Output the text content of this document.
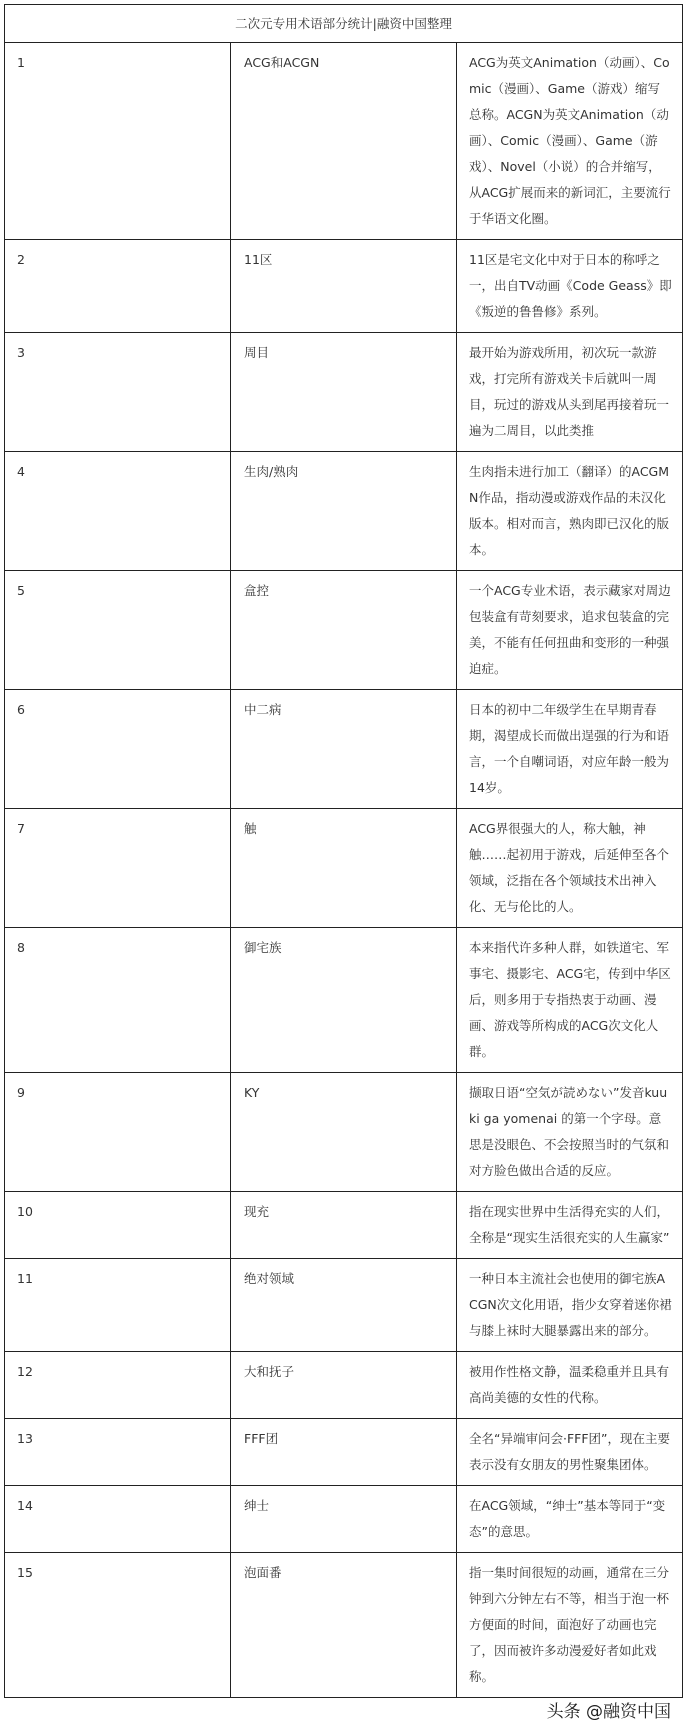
二次元专用术语部分统计|融资中国整理		
1	ACG和ACGN	ACG为英文Animation（动画）、Comic（漫画）、Game（游戏）缩写总称。ACGN为英文Animation（动画）、Comic（漫画）、Game（游戏）、Novel（小说）的合并缩写，从ACG扩展而来的新词汇，主要流行于华语文化圈。
2	11区	11区是宅文化中对于日本的称呼之一，出自TV动画《Code Geass》即《叛逆的鲁鲁修》系列。
3	周目	最开始为游戏所用，初次玩一款游戏，打完所有游戏关卡后就叫一周目，玩过的游戏从头到尾再接着玩一遍为二周目，以此类推
4	生肉/熟肉	生肉指未进行加工（翻译）的ACGMN作品，指动漫或游戏作品的未汉化版本。相对而言，熟肉即已汉化的版本。
5	盒控	一个ACG专业术语，表示藏家对周边包装盒有苛刻要求，追求包装盒的完美，不能有任何扭曲和变形的一种强迫症。
6	中二病	日本的初中二年级学生在早期青春期，渴望成长而做出逞强的行为和语言，一个自嘲词语，对应年龄一般为14岁。
7	触	ACG界很强大的人，称大触，神触……起初用于游戏，后延伸至各个领域，泛指在各个领域技术出神入化、无与伦比的人。
8	御宅族	本来指代许多种人群，如铁道宅、军事宅、摄影宅、ACG宅，传到中华区后，则多用于专指热衷于动画、漫画、游戏等所构成的ACG次文化人群。
9	KY	撷取日语“空気が読めない”发音kuuki ga yomenai 的第一个字母。意思是没眼色、不会按照当时的气氛和对方脸色做出合适的反应。
10	现充	指在现实世界中生活得充实的人们，全称是“现实生活很充实的人生赢家”
11	绝对领域	一种日本主流社会也使用的御宅族ACGN次文化用语，指少女穿着迷你裙与膝上袜时大腿暴露出来的部分。
12	大和抚子	被用作性格文静，温柔稳重并且具有高尚美德的女性的代称。
13	FFF团	全名“异端审问会·FFF团”，现在主要表示没有女朋友的男性聚集团体。
14	绅士	在ACG领域，“绅士”基本等同于“变态”的意思。
15	泡面番	指一集时间很短的动画，通常在三分钟到六分钟左右不等，相当于泡一杯方便面的时间，面泡好了动画也完了，因而被许多动漫爱好者如此戏称。
头条 @融资中国
